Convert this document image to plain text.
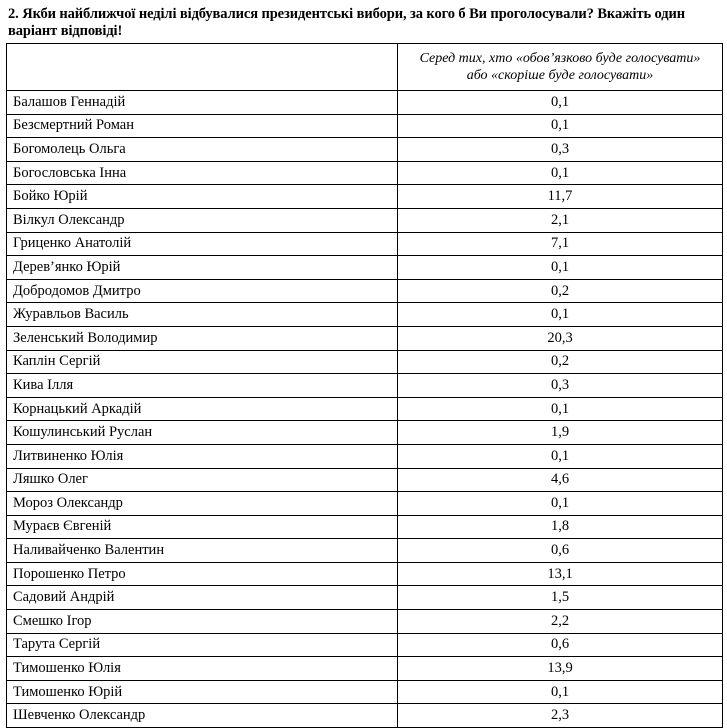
2. Якби найближчої неділі відбувалися президентські вибори, за кого б Ви проголосували? Вкажіть один варіант відповіді!

	Серед тих, хто «обов’язково буде голосувати»
або «скоріше буде голосувати»

Балашов Геннадій	0,1
Безсмертний Роман	0,1
Богомолець Ольга	0,3
Богословська Інна	0,1
Бойко Юрій	11,7
Вілкул Олександр	2,1
Гриценко Анатолій	7,1
Дерев’янко Юрій	0,1
Добродомов Дмитро	0,2
Журавльов Василь	0,1
Зеленський Володимир	20,3
Каплін Сергій	0,2
Кива Ілля	0,3
Корнацький Аркадій	0,1
Кошулинський Руслан	1,9
Литвиненко Юлія	0,1
Ляшко Олег	4,6
Мороз Олександр	0,1
Мураєв Євгеній	1,8
Наливайченко Валентин	0,6
Порошенко Петро	13,1
Садовий Андрій	1,5
Смешко Ігор	2,2
Тарута Сергій	0,6
Тимошенко Юлія	13,9
Тимошенко Юрій	0,1
Шевченко Олександр	2,3
